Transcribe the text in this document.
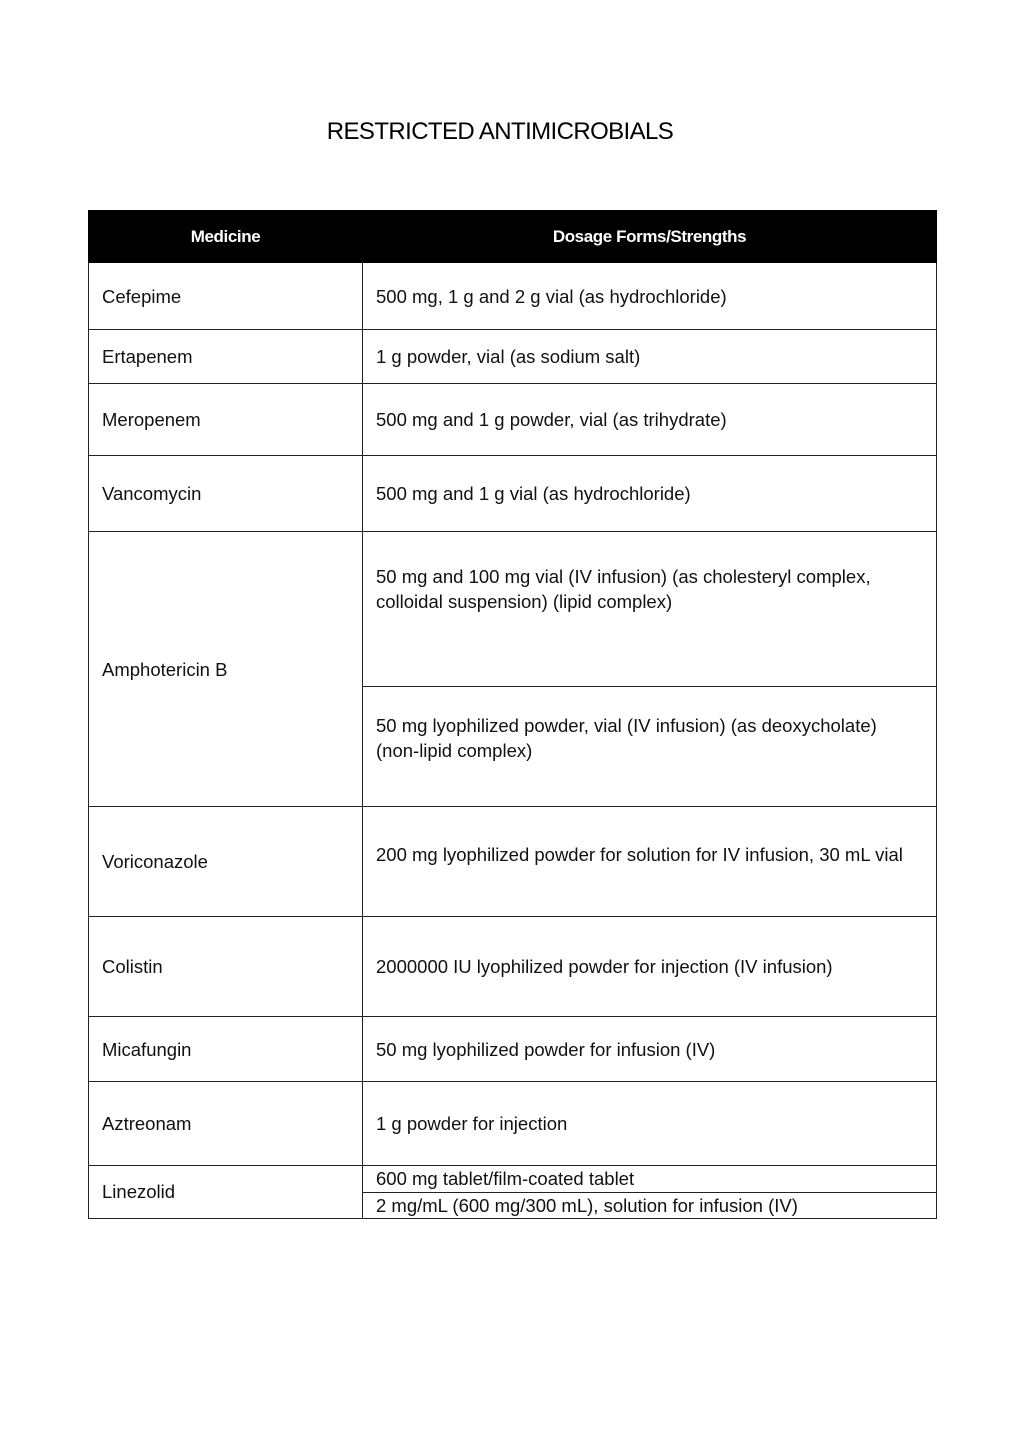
RESTRICTED ANTIMICROBIALS
Medicine	Dosage Forms/Strengths
Cefepime	500 mg, 1 g and 2 g vial (as hydrochloride)
Ertapenem	1 g powder, vial (as sodium salt)
Meropenem	500 mg and 1 g powder, vial (as trihydrate)
Vancomycin	500 mg and 1 g vial (as hydrochloride)
Amphotericin B	50 mg and 100 mg vial (IV infusion) (as cholesteryl complex, colloidal suspension) (lipid complex)
	50 mg lyophilized powder, vial (IV infusion) (as deoxycholate) (non-lipid complex)
Voriconazole	200 mg lyophilized powder for solution for IV infusion, 30 mL vial
Colistin	2000000 IU lyophilized powder for injection (IV infusion)
Micafungin	50 mg lyophilized powder for infusion (IV)
Aztreonam	1 g powder for injection
Linezolid	600 mg tablet/film-coated tablet
	2 mg/mL (600 mg/300 mL), solution for infusion (IV)
